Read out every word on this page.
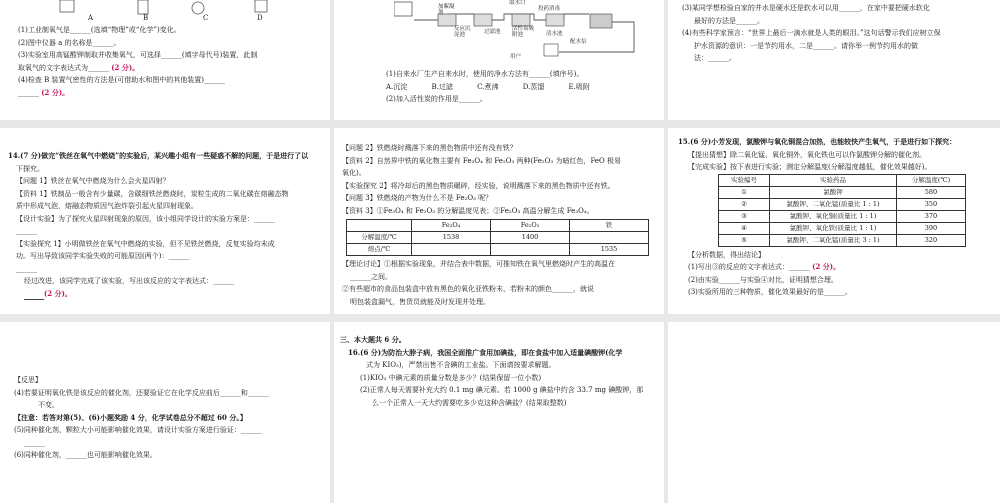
A	B	C	D

(1)工业制氧气是______(选填“物理”或“化学”)变化。

(2)图中仪器 a 的名称是______。

(3)实验室用高锰酸钾制取并收集氧气，可选择______(填字母代号)装置，此制

取氧气的文字表达式为______ (2 分)。

(4)检查 B 装置气密性的方法是(可借助水和图中的其他装置)______

______ (2 分)。

加絮凝剂
取水口
投药消毒
反应沉淀池	过滤池 活性炭吸附池	清水池
配水泵
用户

(1)自来水厂生产自来水时，使用的净水方法有______(填序号)。

A.沉淀	B.过滤	C.煮沸	D.蒸馏	E.吸附

(2)加入活性炭的作用是______。

(3)某同学想检验自家的井水是硬水还是软水可以用______，在家中要把硬水软化

最好的方法是______。

(4)有些科学家预言：“世界上最后一滴水就是人类的眼泪。”这句话警示我们应树立保

护水资源的意识：一是节约用水，二是______。请你举一例节约用水的做

法：______。

14.(7 分)做完“铁丝在氧气中燃烧”的实验后，某兴趣小组有一些疑惑不解的问题，于是进行了以

下探究。

【问题 1】铁丝在氧气中燃烧为什么会火星四射？

【资料 1】铁制品一般含有少量碳，含碳细铁丝燃烧时，炭粒生成的二氧化碳在熔融态物

质中形成气泡，熔融态物质因气泡炸裂引起火星四射现象。

【设计实验】为了探究火星四射现象的原因，该小组同学设计的实验方案是：______

______

【实验探究 1】小明做铁丝在氧气中燃烧的实验，但不见铁丝燃烧，反复实验均未成

功。写出导致该同学实验失败的可能原因(两个)：______

______

经过改进，该同学完成了该实验，写出该反应的文字表达式：______

(2 分)。

【问题 2】铁燃烧时溅落下来的黑色物质中还有没有铁？

【资料 2】自然界中铁的氧化物主要有 Fe₃O₄ 和 Fe₂O₃ 两种(Fe₂O₃ 为暗红色，FeO 极易

氧化)。

【实验探究 2】将冷却后的黑色物质碾碎，经实验，说明溅落下来的黑色物质中还有铁。

【问题 3】铁燃烧的产物为什么不是 Fe₂O₃ 呢？

【资料 3】①Fe₃O₄ 和 Fe₂O₃ 的分解温度见表；②Fe₂O₃ 高温分解生成 Fe₃O₄。

	Fe₃O₄	Fe₂O₃	铁
分解温度/℃	1538	1400	
熔点/℃			1535

【理论讨论】①根据实验现象，并结合表中数据，可推知铁在氧气里燃烧时产生的高温在

______之间。

②有些超市的食品包装盒中放有黑色的氧化亚铁粉末，若粉末的颜色______，就说

明包装盒漏气，售货员就能及时发现并处理。

15.(6 分)小芳发现，氯酸钾与氧化铜混合加热，也能较快产生氧气，于是进行如下探究：

【提出猜想】除二氧化锰、氧化铜外，氧化铁也可以作氯酸钾分解的催化剂。

【完成实验】按下表进行实验；测定分解温度(分解温度越低，催化效果越好)。

实验编号	实验药品	分解温度(℃)
①	氯酸钾	580
②	氯酸钾、二氧化锰(质量比 1 : 1)	350
③	氯酸钾、氧化铜(质量比 1 : 1)	370
④	氯酸钾、氧化铁(质量比 1 : 1)	390
⑤	氯酸钾、二氧化锰(质量比 3 : 1)	320

【分析数据，得出结论】

(1)写出③的反应的文字表达式：______ (2 分)。

(2)由实验______与实验④对比，证明猜想合理。

(3)实验所用的三种物质，催化效果最好的是______。

【反思】

(4)若要证明氧化铁是该反应的催化剂，还要验证它在化学反应前后______和______

不变。

【注意：若答对第(5)、(6)小题奖励 4 分，化学试卷总分不超过 60 分。】

(5)同种催化剂，颗粒大小可能影响催化效果，请设计实验方案进行验证：______

______

(6)同种催化剂，______也可能影响催化效果。

三、本大题共 6 分。

16.(6 分)为防治大脖子病，我国全面推广食用加碘盐，即在食盐中加入适量碘酸钾(化学

式为 KIO₃)，严禁出售不含碘的工业盐。下面请按要求解题。

(1)KIO₃ 中碘元素的质量分数是多少？(结果保留一位小数)

(2)正常人每天需要补充大约 0.1 mg 碘元素。若 1000 g 碘盐中约含 33.7 mg 碘酸钾，那

么一个正常人一天大约需要吃多少克这种含碘盐？(结果取整数)
